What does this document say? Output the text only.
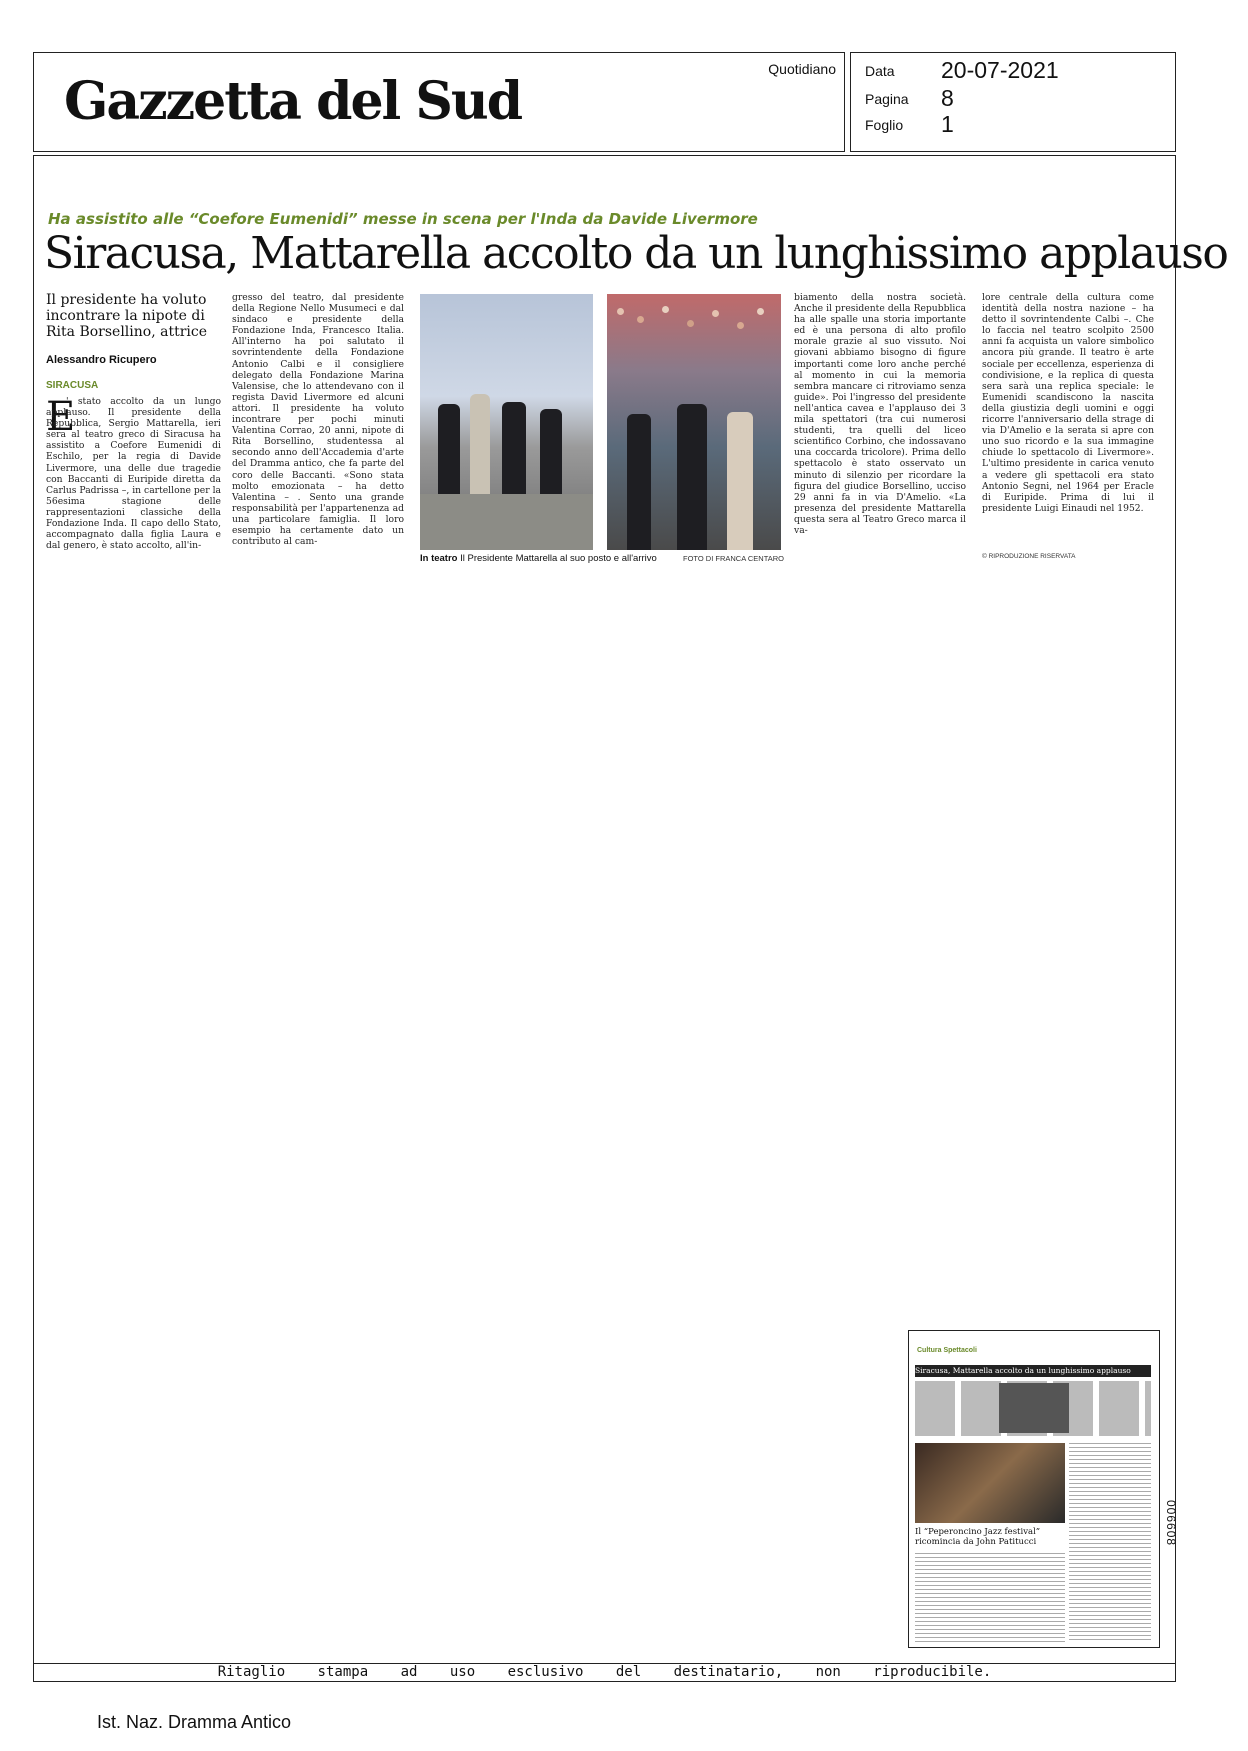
Gazzetta del Sud
Quotidiano Data 20-07-2021
Pagina 8
Foglio 1
Ha assistito alle “Coefore Eumenidi” messe in scena per l'Inda da Davide Livermore
Siracusa, Mattarella accolto da un lunghissimo applauso
Il presidente ha voluto incontrare la nipote di Rita Borsellino, attrice
Alessandro Ricupero
SIRACUSA
E
' stato accolto da un lungo applauso. Il presidente della Repubblica, Sergio Mattarella, ieri sera al teatro greco di Siracusa ha assistito a Coefore Eumenidi di Eschilo, per la regia di Davide Livermore, una delle due tragedie con Baccanti di Euripide diretta da Carlus Padrissa –, in cartellone per la 56esima stagione delle rappresentazioni classiche della Fondazione Inda. Il capo dello Stato, accompagnato dalla figlia Laura e dal genero, è stato accolto, all'in-
gresso del teatro, dal presidente della Regione Nello Musumeci e dal sindaco e presidente della Fondazione Inda, Francesco Italia. All'interno ha poi salutato il sovrintendente della Fondazione Antonio Calbi e il consigliere delegato della Fondazione Marina Valensise, che lo attendevano con il regista David Livermore ed alcuni attori. Il presidente ha voluto incontrare per pochi minuti Valentina Corrao, 20 anni, nipote di Rita Borsellino, studentessa al secondo anno dell'Accademia d'arte del Dramma antico, che fa parte del coro delle Baccanti. «Sono stata molto emozionata – ha detto Valentina – . Sento una grande responsabilità per l'appartenenza ad una particolare famiglia. Il loro esempio ha certamente dato un contributo al cam-
biamento della nostra società. Anche il presidente della Repubblica ha alle spalle una storia importante ed è una persona di alto profilo morale grazie al suo vissuto. Noi giovani abbiamo bisogno di figure importanti come loro anche perché al momento in cui la memoria sembra mancare ci ritroviamo senza guide». Poi l'ingresso del presidente nell'antica cavea e l'applauso dei 3 mila spettatori (tra cui numerosi studenti, tra quelli del liceo scientifico Corbino, che indossavano una coccarda tricolore). Prima dello spettacolo è stato osservato un minuto di silenzio per ricordare la figura del giudice Borsellino, ucciso 29 anni fa in via D'Amelio. «La presenza del presidente Mattarella questa sera al Teatro Greco marca il va-
lore centrale della cultura come identità della nostra nazione – ha detto il sovrintendente Calbi –. Che lo faccia nel teatro scolpito 2500 anni fa acquista un valore simbolico ancora più grande. Il teatro è arte sociale per eccellenza, esperienza di condivisione, e la replica di questa sera sarà una replica speciale: le Eumenidi scandiscono la nascita della giustizia degli uomini e oggi ricorre l'anniversario della strage di via D'Amelio e la serata si apre con uno suo ricordo e la sua immagine chiude lo spettacolo di Livermore». L'ultimo presidente in carica venuto a vedere gli spettacoli era stato Antonio Segni, nel 1964 per Eracle di Euripide. Prima di lui il presidente Luigi Einaudi nel 1952.
In teatro Il Presidente Mattarella al suo posto e all'arrivo	FOTO DI FRANCA CENTARO	© RIPRODUZIONE RISERVATA
Cultura Spettacoli
Siracusa, Mattarella accolto da un lunghissimo applauso
Il “Peperoncino Jazz festival” ricomincia da John Patitucci	006608
Ritaglio stampa ad uso esclusivo del destinatario, non riproducibile.
Ist. Naz. Dramma Antico
